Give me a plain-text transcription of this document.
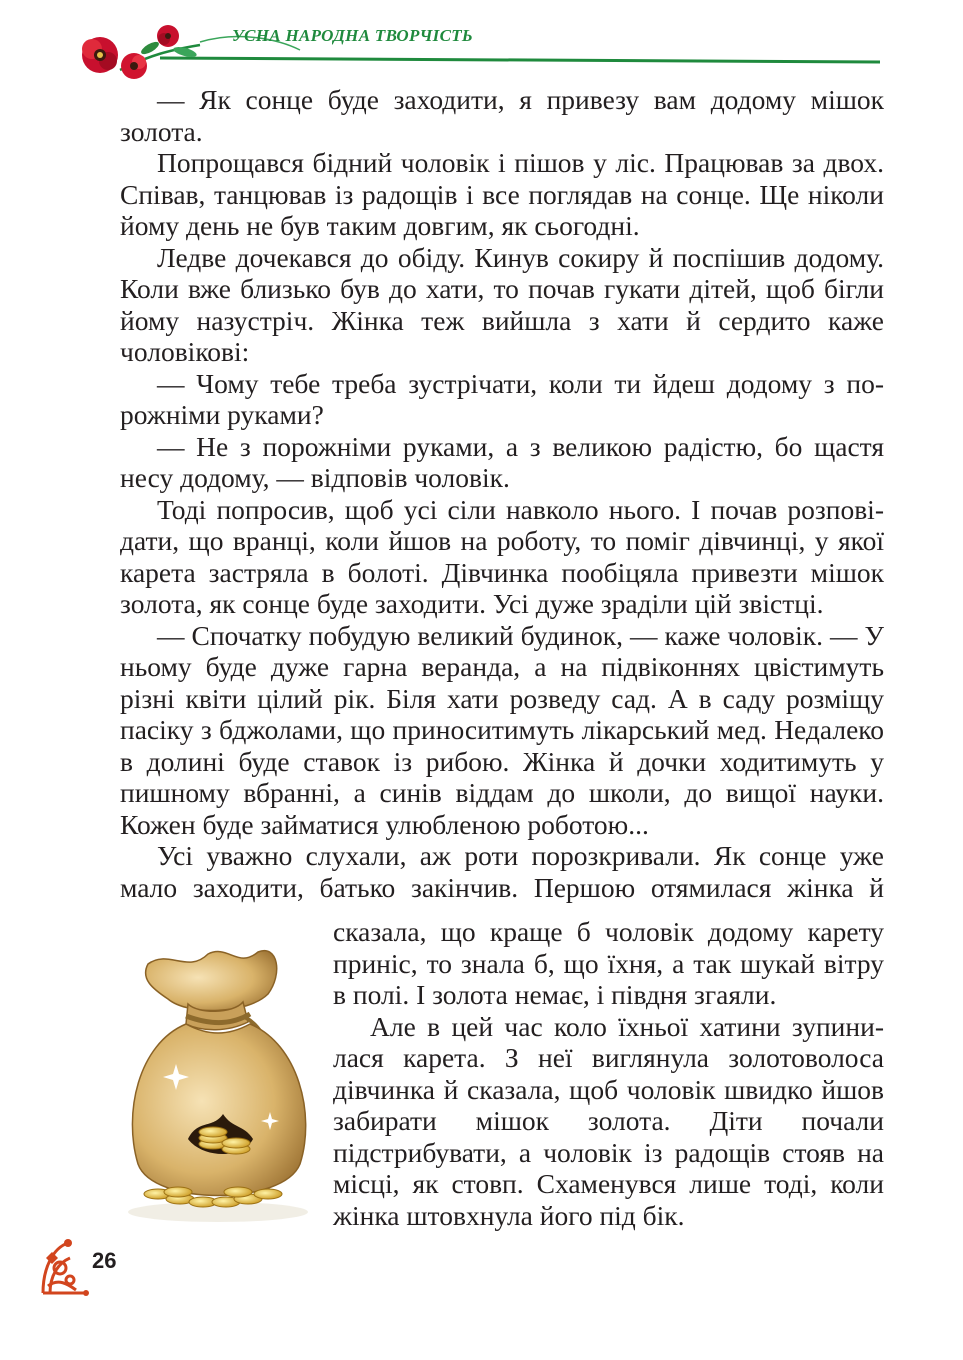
УСНА НАРОДНА ТВОРЧІСТЬ

— Як сонце буде заходити, я привезу вам додому мішок золота.

Попрощався бідний чоловік і пішов у ліс. Працював за двох. Співав, танцював із радощів і все поглядав на сонце. Ще ніколи йому день не був таким довгим, як сьогодні.

Ледве дочекався до обіду. Кинув сокиру й поспішив додому. Коли вже близько був до хати, то почав гукати дітей, щоб бігли йому назустріч. Жінка теж вийшла з хати й сердито каже чоловікові:

— Чому тебе треба зустрічати, коли ти йдеш додому з порожніми руками?

— Не з порожніми руками, а з великою радістю, бо щастя несу додому, — відповів чоловік.

Тоді попросив, щоб усі сіли навколо нього. І почав розповідати, що вранці, коли йшов на роботу, то поміг дівчинці, у якої карета застряла в болоті. Дівчинка пообіцяла привезти мішок золота, як сонце буде заходити. Усі дуже зраділи цій звістці.

— Спочатку побудую великий будинок, — каже чоловік. — У ньому буде дуже гарна веранда, а на підвіконнях цвістимуть різні квіти цілий рік. Біля хати розведу сад. А в саду розміщу пасіку з бджолами, що приноситимуть лікарський мед. Недалеко в долині буде ставок із рибою. Жінка й дочки ходитимуть у пишному вбранні, а синів віддам до школи, до вищої науки. Кожен буде займатися улюбленою роботою...

Усі уважно слухали, аж роти порозкривали. Як сонце уже мало заходити, батько закінчив. Першою отямилася жінка й

сказала, що краще б чоловік додому карету приніс, то знала б, що їхня, а так шукай вітру в полі. І золота немає, і півдня згаяли.

Але в цей час коло їхньої хатини зупинилася карета. З неї виглянула золотоволоса дівчинка й сказала, щоб чоловік швидко йшов забирати мішок золота. Діти почали підстрибувати, а чоловік із радощів стояв на місці, як стовп. Схаменувся лише тоді, коли жінка штовхнула його під бік.

26
